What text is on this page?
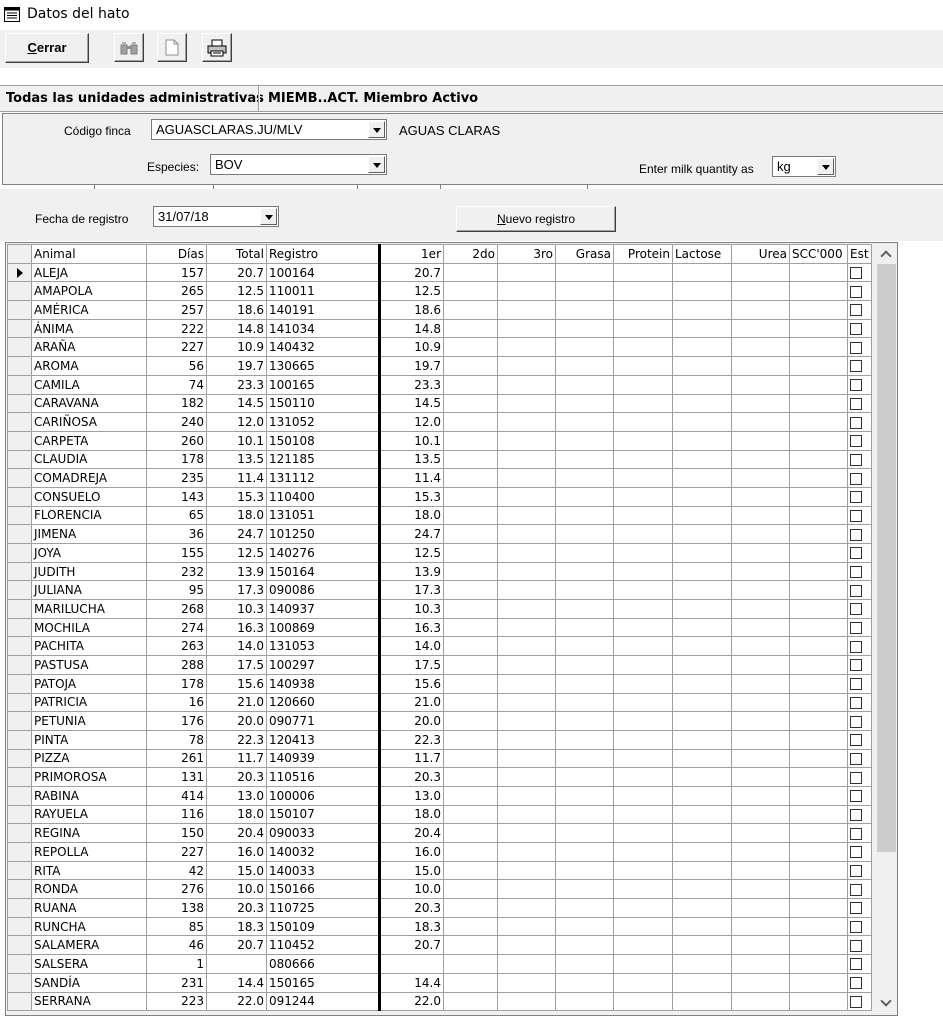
Datos del hato
Cerrar
Todas las unidades administrativas MIEMB..ACT. Miembro Activo
Código finca AGUASCLARAS.JU/MLV	AGUAS CLARAS
Especies: BOV	Enter milk quantity as kg
Fecha de registro 31/07/18	Nuevo registro
	Animal	Días	Total	Registro	1er	2do	3ro	Grasa	Protein	Lactose	Urea	SCC'000	Est
	ALEJA	157	20.7	100164	20.7								
	AMAPOLA	265	12.5	110011	12.5								
	AMÉRICA	257	18.6	140191	18.6								
	ÁNIMA	222	14.8	141034	14.8								
	ARAÑA	227	10.9	140432	10.9								
	AROMA	56	19.7	130665	19.7								
	CAMILA	74	23.3	100165	23.3								
	CARAVANA	182	14.5	150110	14.5								
	CARIÑOSA	240	12.0	131052	12.0								
	CARPETA	260	10.1	150108	10.1								
	CLAUDIA	178	13.5	121185	13.5								
	COMADREJA	235	11.4	131112	11.4								
	CONSUELO	143	15.3	110400	15.3								
	FLORENCIA	65	18.0	131051	18.0								
	JIMENA	36	24.7	101250	24.7								
	JOYA	155	12.5	140276	12.5								
	JUDITH	232	13.9	150164	13.9								
	JULIANA	95	17.3	090086	17.3								
	MARILUCHA	268	10.3	140937	10.3								
	MOCHILA	274	16.3	100869	16.3								
	PACHITA	263	14.0	131053	14.0								
	PASTUSA	288	17.5	100297	17.5								
	PATOJA	178	15.6	140938	15.6								
	PATRICIA	16	21.0	120660	21.0								
	PETUNIA	176	20.0	090771	20.0								
	PINTA	78	22.3	120413	22.3								
	PIZZA	261	11.7	140939	11.7								
	PRIMOROSA	131	20.3	110516	20.3								
	RABINA	414	13.0	100006	13.0								
	RAYUELA	116	18.0	150107	18.0								
	REGINA	150	20.4	090033	20.4								
	REPOLLA	227	16.0	140032	16.0								
	RITA	42	15.0	140033	15.0								
	RONDA	276	10.0	150166	10.0								
	RUANA	138	20.3	110725	20.3								
	RUNCHA	85	18.3	150109	18.3								
	SALAMERA	46	20.7	110452	20.7								
	SALSERA	1		080666									
	SANDÍA	231	14.4	150165	14.4								
	SERRANA	223	22.0	091244	22.0								
